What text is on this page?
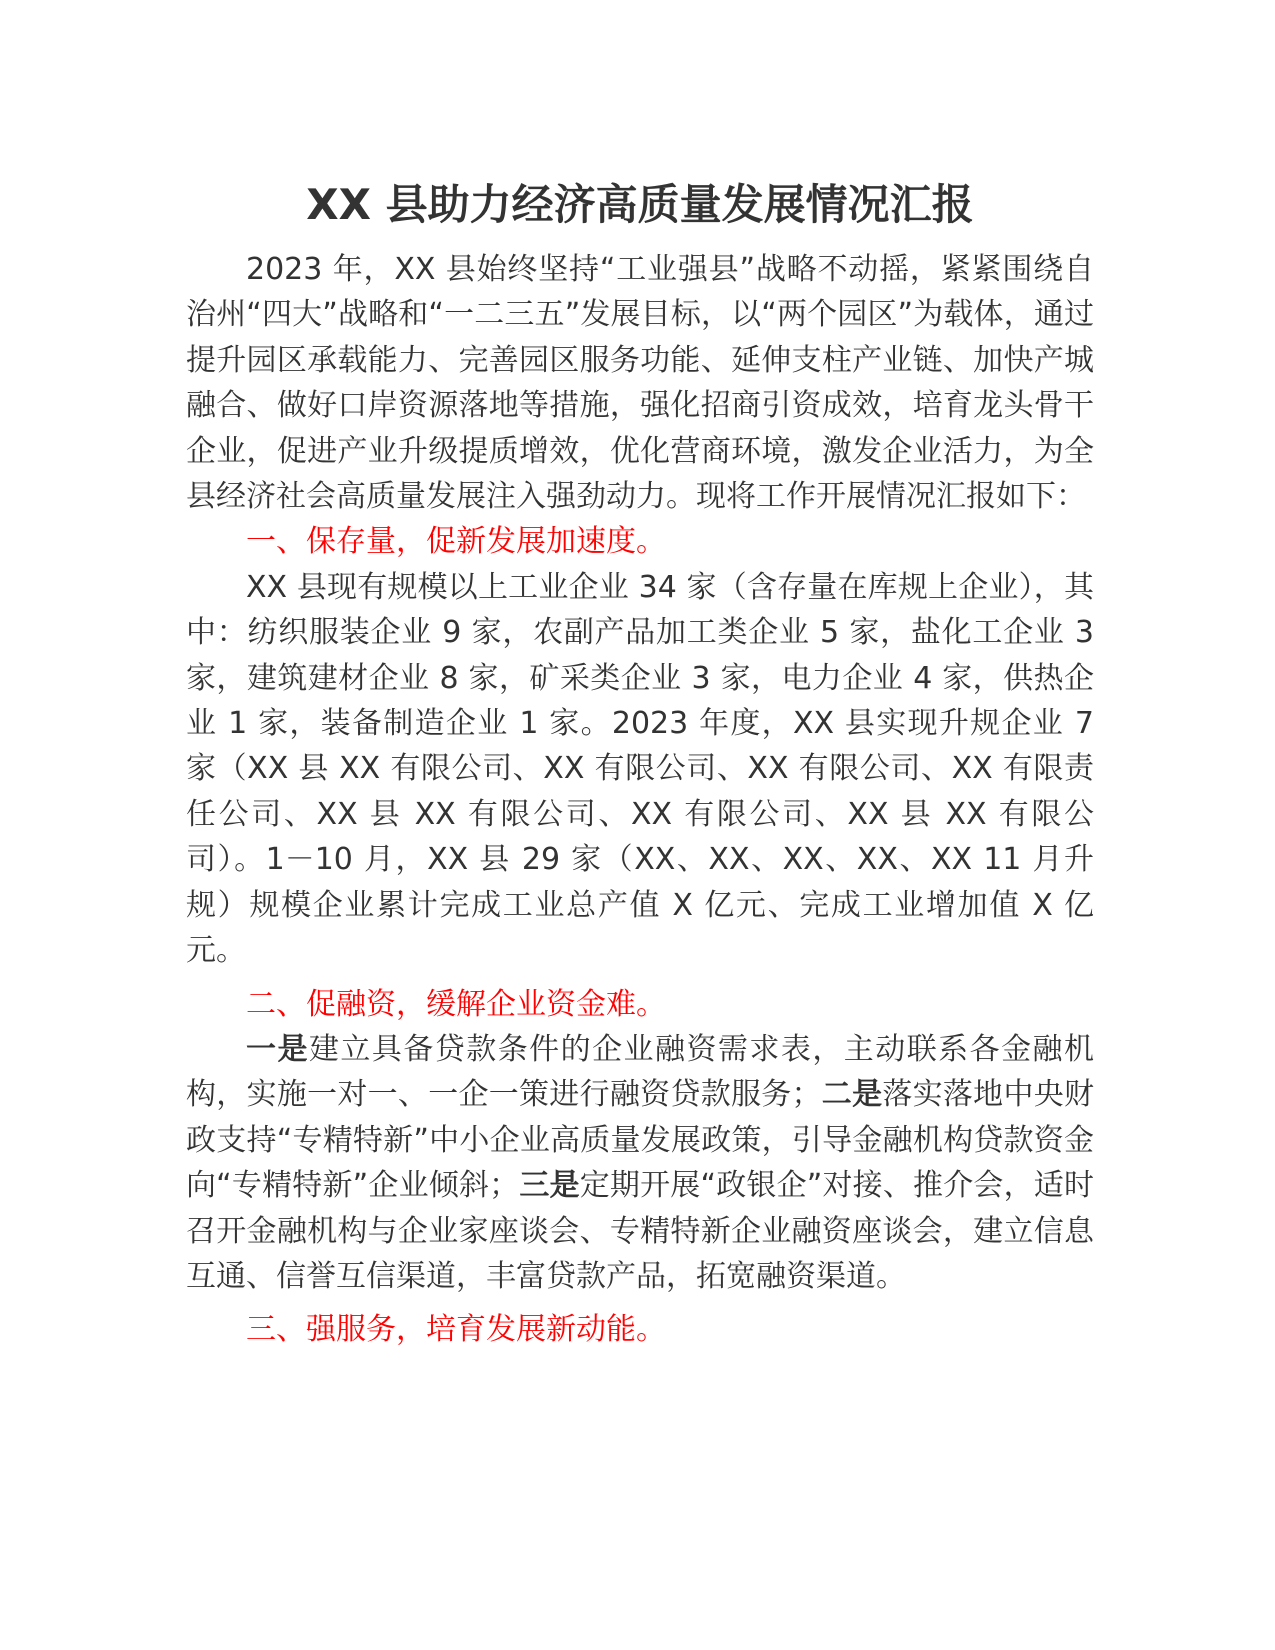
XX 县助力经济高质量发展情况汇报

2023 年，XX 县始终坚持“工业强县”战略不动摇，紧紧围绕自治州“四大”战略和“一二三五”发展目标，以“两个园区”为载体，通过提升园区承载能力、完善园区服务功能、延伸支柱产业链、加快产城融合、做好口岸资源落地等措施，强化招商引资成效，培育龙头骨干企业，促进产业升级提质增效，优化营商环境，激发企业活力，为全县经济社会高质量发展注入强劲动力。现将工作开展情况汇报如下：

一、保存量，促新发展加速度。

XX 县现有规模以上工业企业 34 家（含存量在库规上企业），其中：纺织服装企业 9 家，农副产品加工类企业 5 家，盐化工企业 3 家，建筑建材企业 8 家，矿采类企业 3 家，电力企业 4 家，供热企业 1 家，装备制造企业 1 家。2023 年度，XX 县实现升规企业 7 家（XX 县 XX 有限公司、XX 有限公司、XX 有限公司、XX 有限责任公司、XX 县 XX 有限公司、XX 有限公司、XX 县 XX 有限公司）。1－10 月，XX 县 29 家（XX、XX、XX、XX、XX 11 月升规）规模企业累计完成工业总产值 X 亿元、完成工业增加值 X 亿元。

二、促融资，缓解企业资金难。

一是建立具备贷款条件的企业融资需求表，主动联系各金融机构，实施一对一、一企一策进行融资贷款服务；二是落实落地中央财政支持“专精特新”中小企业高质量发展政策，引导金融机构贷款资金向“专精特新”企业倾斜；三是定期开展“政银企”对接、推介会，适时召开金融机构与企业家座谈会、专精特新企业融资座谈会，建立信息互通、信誉互信渠道，丰富贷款产品，拓宽融资渠道。

三、强服务，培育发展新动能。
